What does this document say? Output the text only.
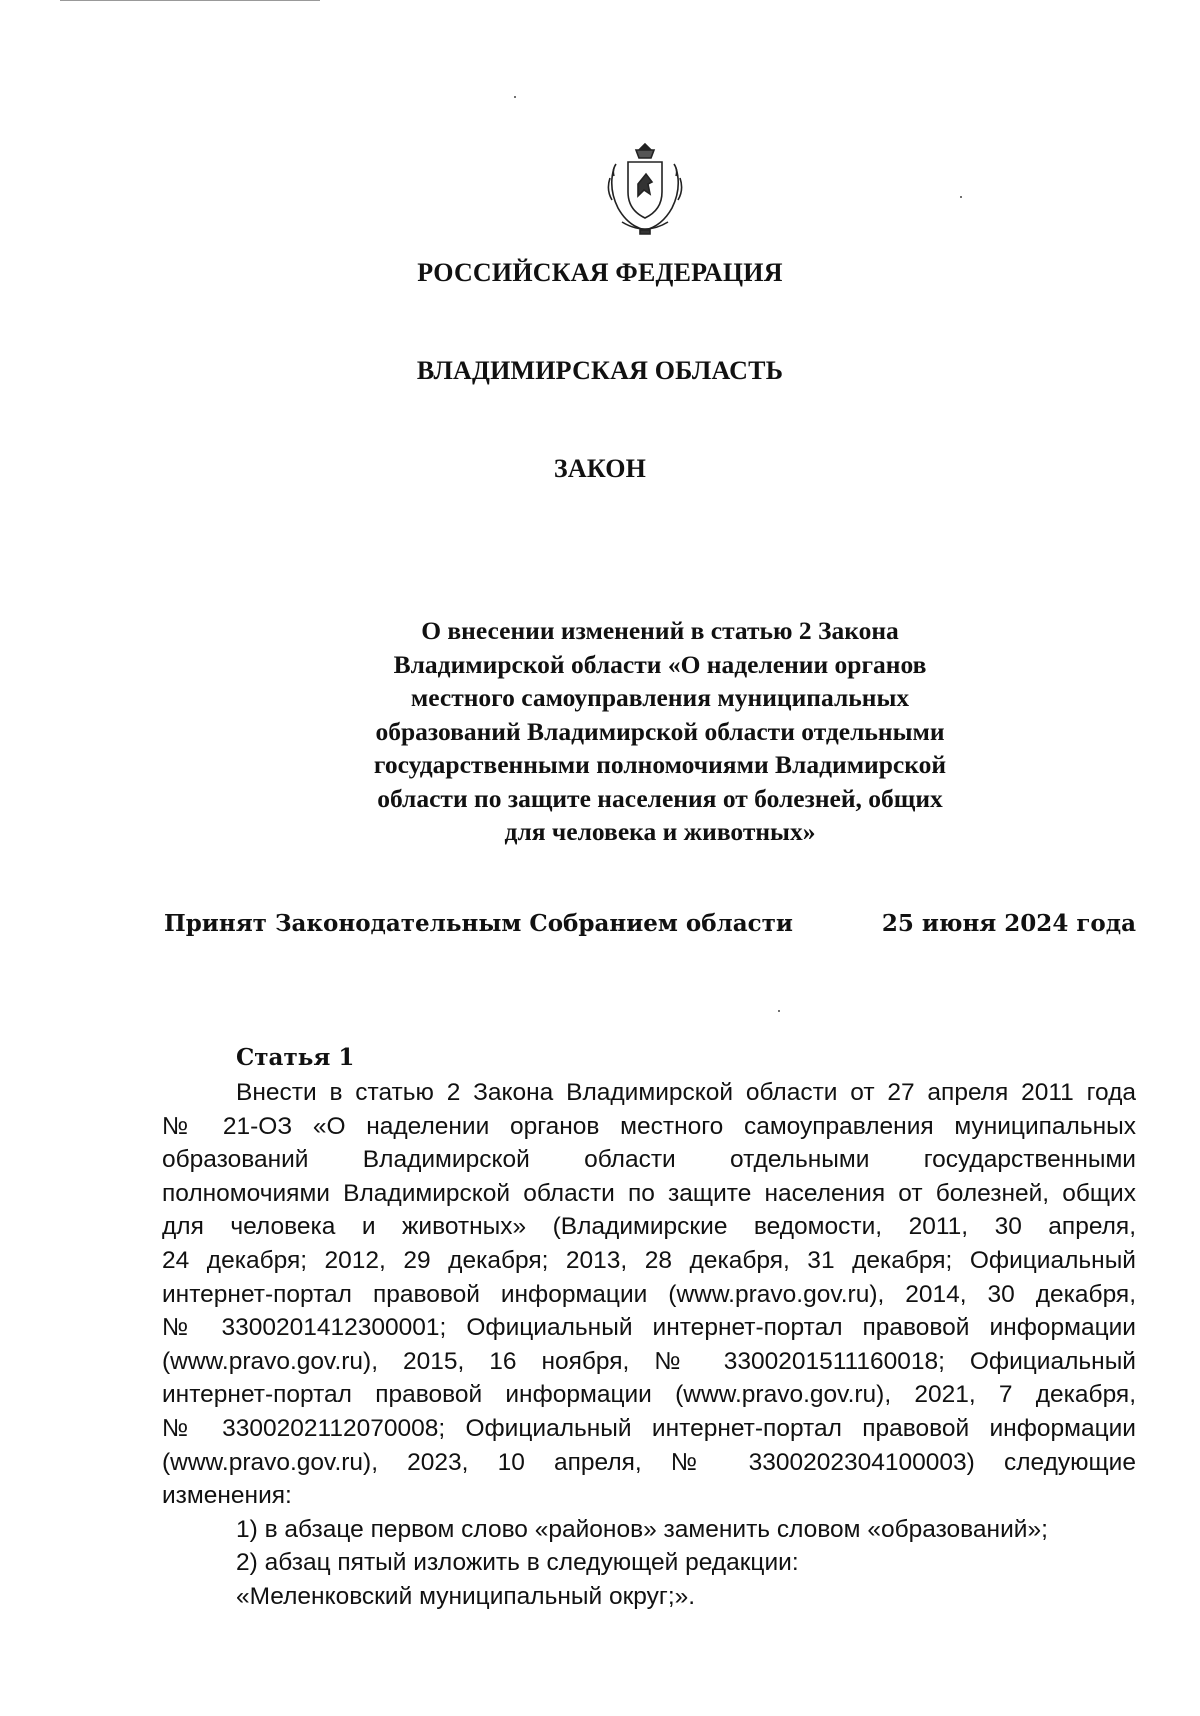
РОССИЙСКАЯ ФЕДЕРАЦИЯ
ВЛАДИМИРСКАЯ ОБЛАСТЬ
ЗАКОН
О внесении изменений в статью 2 Закона
Владимирской области «О наделении органов
местного самоуправления муниципальных
образований Владимирской области отдельными
государственными полномочиями Владимирской
области по защите населения от болезней, общих
для человека и животных»
Принят Законодательным Собранием области	25 июня 2024 года
Статья 1
Внести в статью 2 Закона Владимирской области от 27 апреля 2011 года
№ 21-ОЗ «О наделении органов местного самоуправления муниципальных
образований Владимирской области отдельными государственными
полномочиями Владимирской области по защите населения от болезней, общих
для человека и животных» (Владимирские ведомости, 2011, 30 апреля,
24 декабря; 2012, 29 декабря; 2013, 28 декабря, 31 декабря; Официальный
интернет-портал правовой информации (www.pravo.gov.ru), 2014, 30 декабря,
№ 3300201412300001; Официальный интернет-портал правовой информации
(www.pravo.gov.ru), 2015, 16 ноября, № 3300201511160018; Официальный
интернет-портал правовой информации (www.pravo.gov.ru), 2021, 7 декабря,
№ 3300202112070008; Официальный интернет-портал правовой информации
(www.pravo.gov.ru), 2023, 10 апреля, № 3300202304100003) следующие
изменения:
1) в абзаце первом слово «районов» заменить словом «образований»;
2) абзац пятый изложить в следующей редакции:
«Меленковский муниципальный округ;».
